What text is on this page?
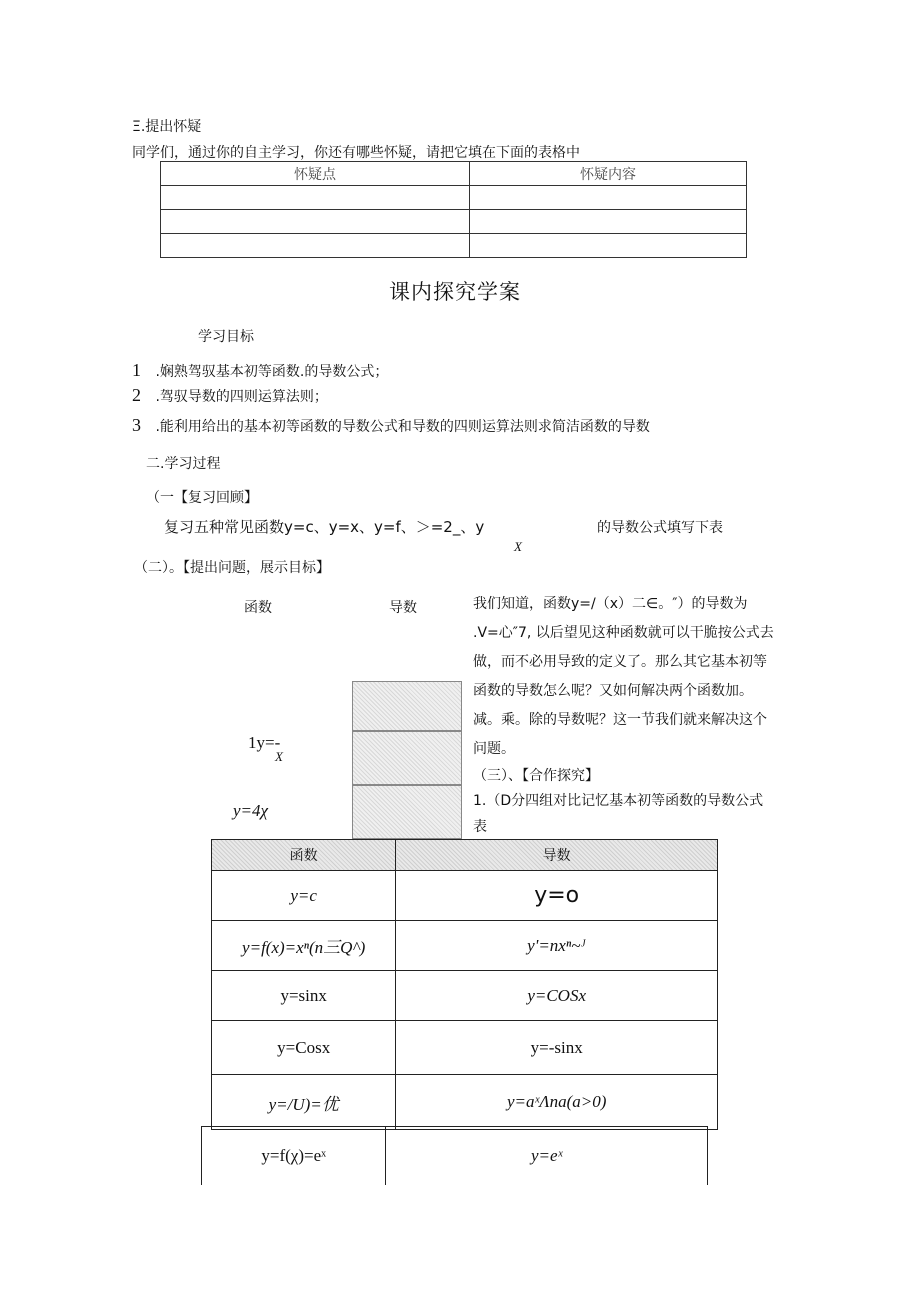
Ξ.提出怀疑
同学们，通过你的自主学习，你还有哪些怀疑，请把它填在下面的表格中
怀疑点	怀疑内容

课内探究学案
学习目标
1 .娴熟驾驭基本初等函数.的导数公式；
2 .驾驭导数的四则运算法则；
3 .能利用给出的基本初等函数的导数公式和导数的四则运算法则求简洁函数的导数
二.学习过程
（一【复习回顾】
复习五种常见函数y=c、y=x、y=f、＞=2_、y
X
的导数公式填写下表
（二）。【提出问题，展示目标】
函数	导数
1y=-
X
y=4χ
我们知道，函数y=/（x）二∈。″）的导数为
.V=心″7, 以后望见这种函数就可以干脆按公式去
做，而不必用导致的定义了。那么其它基本初等
函数的导数怎么呢？又如何解决两个函数加。
减。乘。除的导数呢？这一节我们就来解决这个
问题。
（三）、【合作探究】
1.（D分四组对比记忆基本初等函数的导数公式
表
函数	导数
y=c	y=o
y=f(x)=xⁿ(n三Q^)	y'=nxⁿ~ᴶ
y=sinx	y=COSx
y=Cosx	y=-sinx
y=/U)=优	y=aˣΛna(a>0)
y=f(χ)=eˣ	y=eˣ
